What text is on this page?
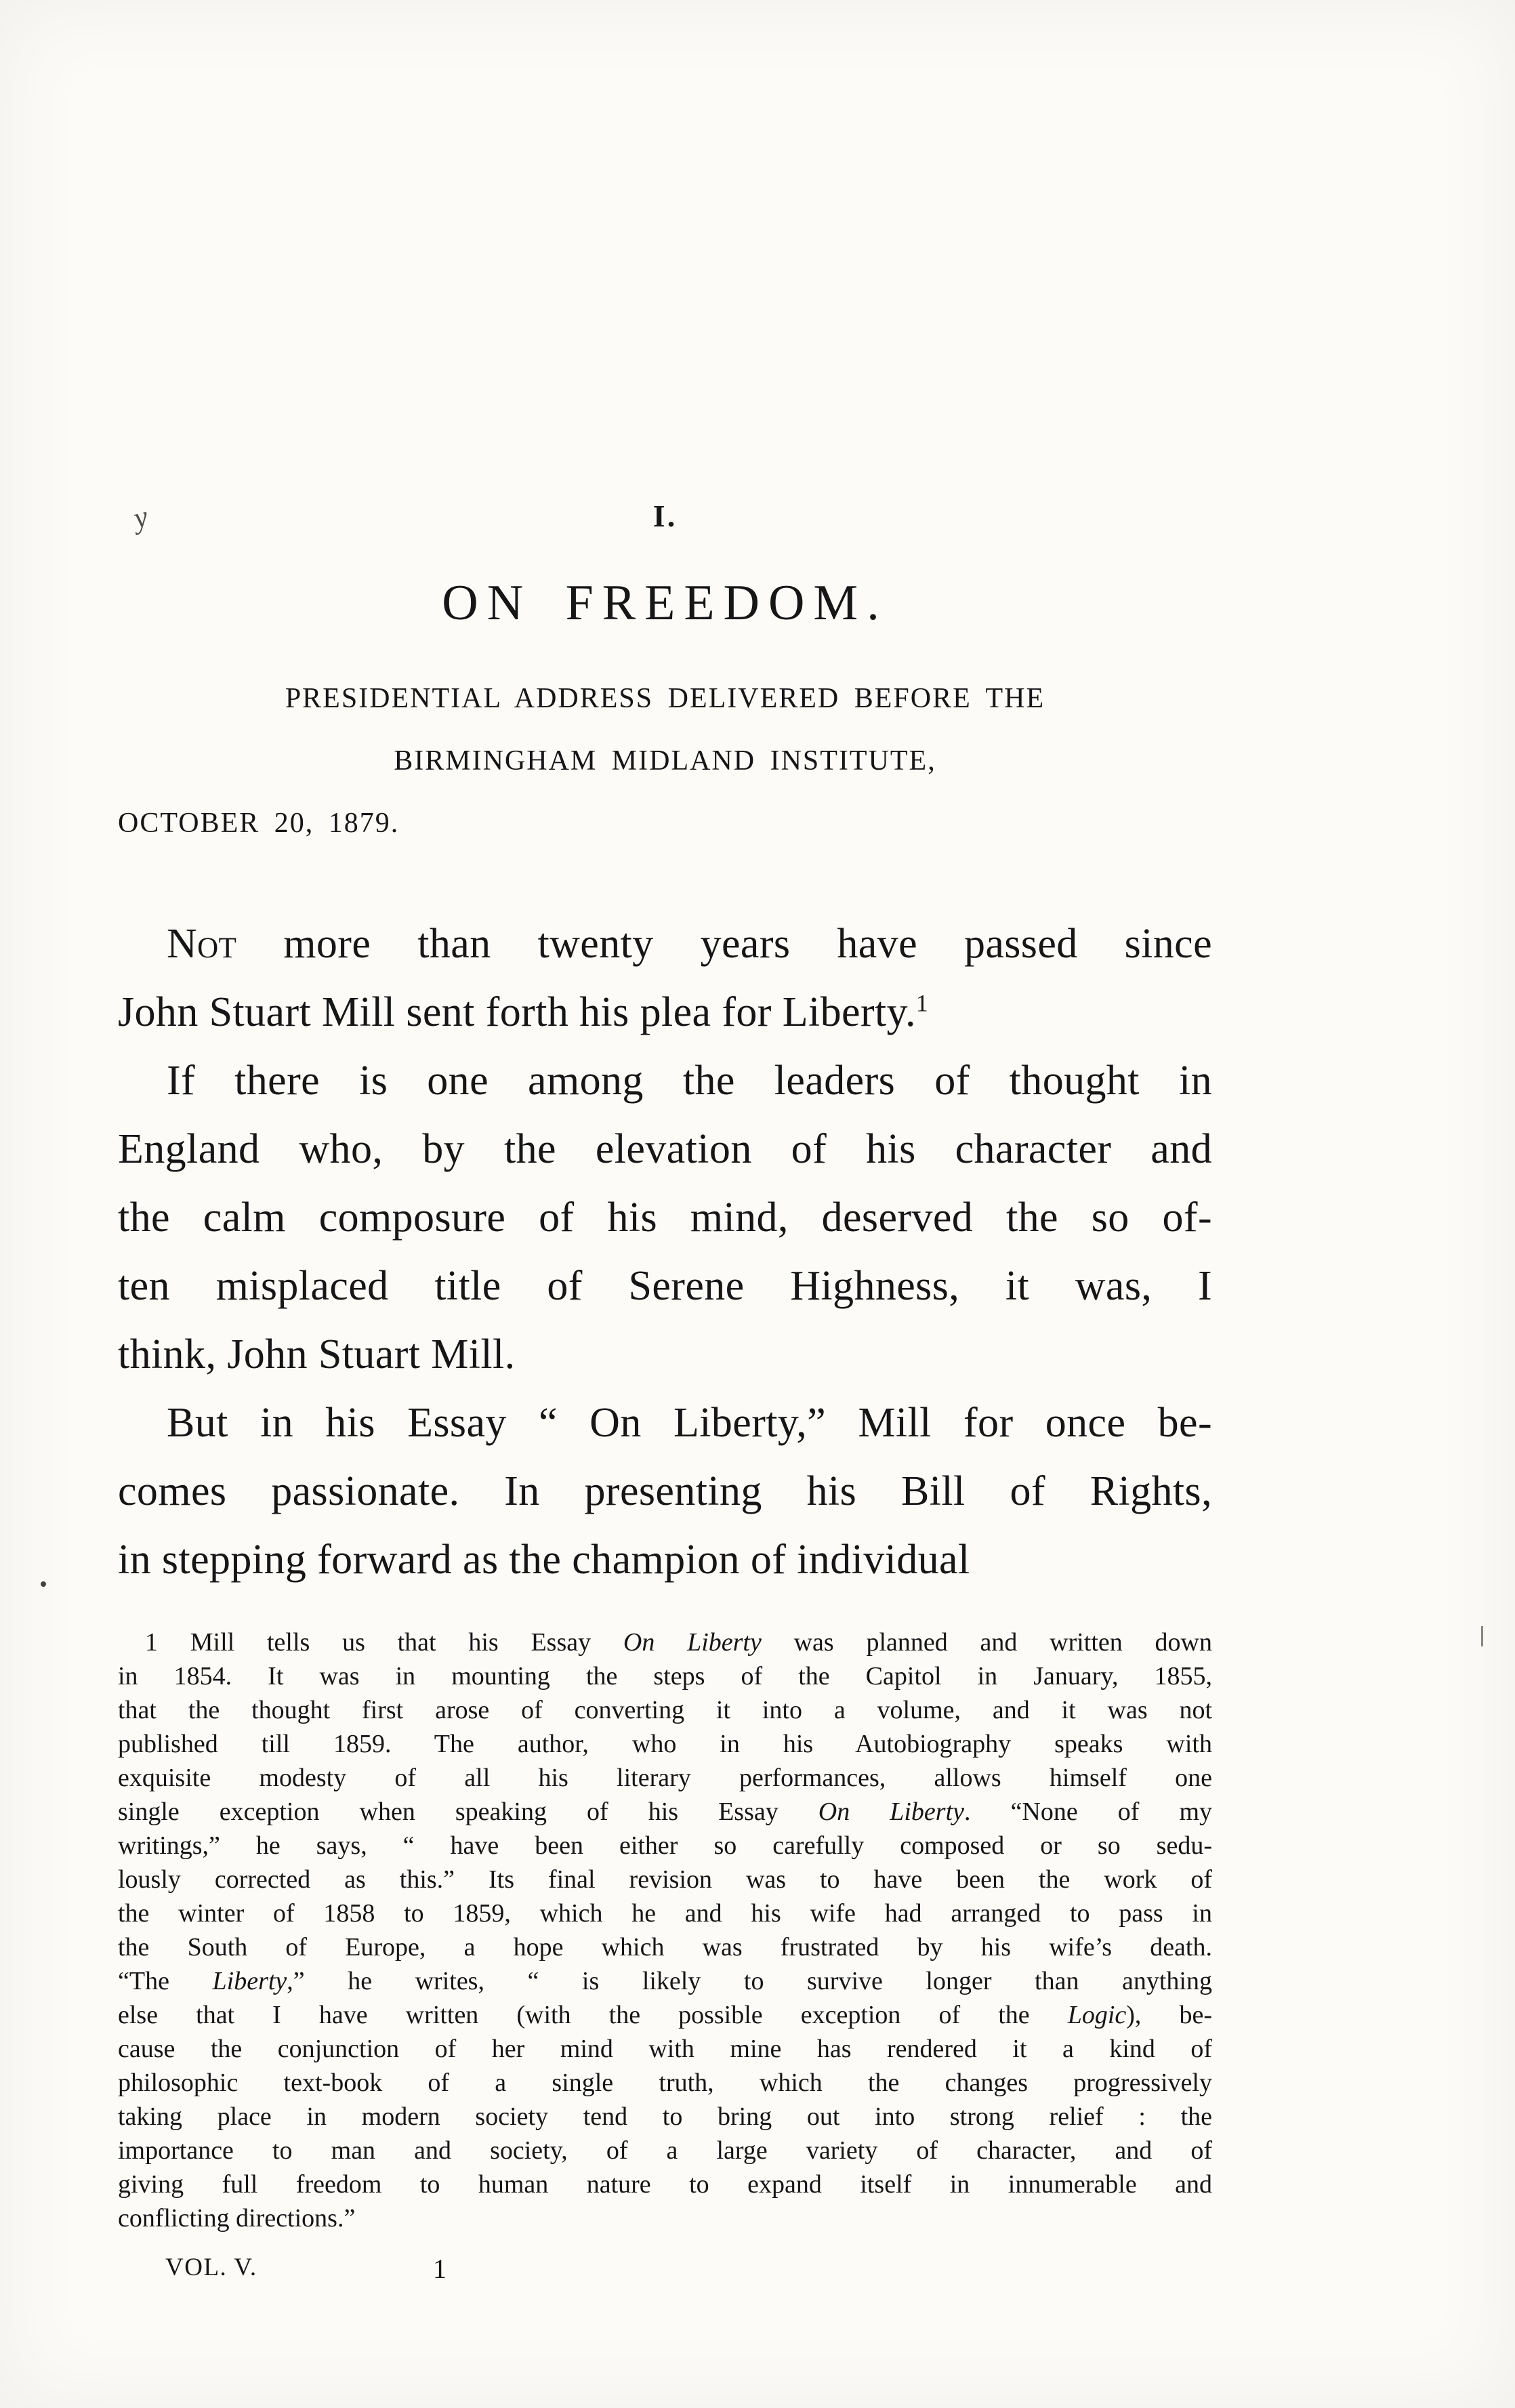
y	I.
ON FREEDOM.
PRESIDENTIAL ADDRESS DELIVERED BEFORE THE
BIRMINGHAM MIDLAND INSTITUTE,
OCTOBER 20, 1879.

Not more than twenty years have passed since
John Stuart Mill sent forth his plea for Liberty.$^1$

If there is one among the leaders of thought in
England who, by the elevation of his character and
the calm composure of his mind, deserved the so of-
ten misplaced title of Serene Highness, it was, I
think, John Stuart Mill.

But in his Essay “ On Liberty,” Mill for once be-
comes passionate. In presenting his Bill of Rights,
in stepping forward as the champion of individual

1 Mill tells us that his Essay On Liberty was planned and written down
in 1854. It was in mounting the steps of the Capitol in January, 1855,
that the thought first arose of converting it into a volume, and it was not
published till 1859. The author, who in his Autobiography speaks with
exquisite modesty of all his literary performances, allows himself one
single exception when speaking of his Essay On Liberty. “None of my
writings,” he says, “ have been either so carefully composed or so sedu-
lously corrected as this.” Its final revision was to have been the work of
the winter of 1858 to 1859, which he and his wife had arranged to pass in
the South of Europe, a hope which was frustrated by his wife’s death.
“The Liberty,” he writes, “ is likely to survive longer than anything
else that I have written (with the possible exception of the Logic), be-
cause the conjunction of her mind with mine has rendered it a kind of
philosophic text-book of a single truth, which the changes progressively
taking place in modern society tend to bring out into strong relief : the
importance to man and society, of a large variety of character, and of
giving full freedom to human nature to expand itself in innumerable and
conflicting directions.”
VOL. V.	1
